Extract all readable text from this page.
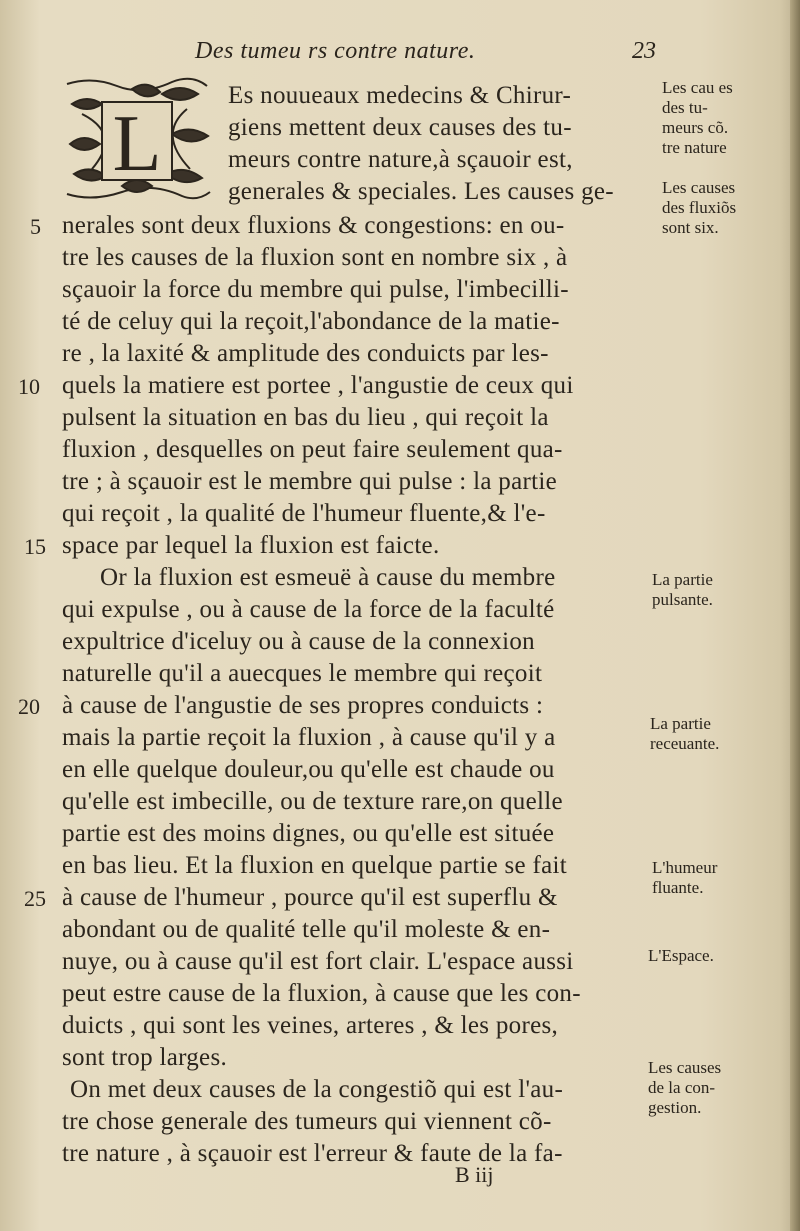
Des tumeu rs contre nature.	23
L
Es nouueaux medecins & Chirur-
giens mettent deux causes des tu-
meurs contre nature,à sçauoir est,
generales & speciales. Les causes ge-
nerales sont deux fluxions & congestions: en ou-
tre les causes de la fluxion sont en nombre six , à
sçauoir la force du membre qui pulse, l'imbecilli-
té de celuy qui la reçoit,l'abondance de la matie-
re , la laxité & amplitude des conduicts par les-
quels la matiere est portee , l'angustie de ceux qui
pulsent la situation en bas du lieu , qui reçoit la
fluxion , desquelles on peut faire seulement qua-
tre ; à sçauoir est le membre qui pulse : la partie
qui reçoit , la qualité de l'humeur fluente,& l'e-
space par lequel la fluxion est faicte.
Or la fluxion est esmeuë à cause du membre
qui expulse , ou à cause de la force de la faculté
expultrice d'iceluy ou à cause de la connexion
naturelle qu'il a auecques le membre qui reçoit
à cause de l'angustie de ses propres conduicts :
mais la partie reçoit la fluxion , à cause qu'il y a
en elle quelque douleur,ou qu'elle est chaude ou
qu'elle est imbecille, ou de texture rare,on quelle
partie est des moins dignes, ou qu'elle est située
en bas lieu. Et la fluxion en quelque partie se fait
à cause de l'humeur , pource qu'il est superflu &
abondant ou de qualité telle qu'il moleste & en-
nuye, ou à cause qu'il est fort clair. L'espace aussi
peut estre cause de la fluxion, à cause que les con-
duicts , qui sont les veines, arteres , & les pores,
sont trop larges.
On met deux causes de la congestiõ qui est l'au-
tre chose generale des tumeurs qui viennent cõ-
tre nature , à sçauoir est l'erreur & faute de la fa-
5
10
15
20
25
Les cau es
des tu-
meurs cõ.
tre nature
Les causes
des fluxiõs
sont six.
La partie
pulsante.
La partie
receuante.
L'humeur
fluante.
L'Espace.
Les causes
de la con-
gestion.
B iij
